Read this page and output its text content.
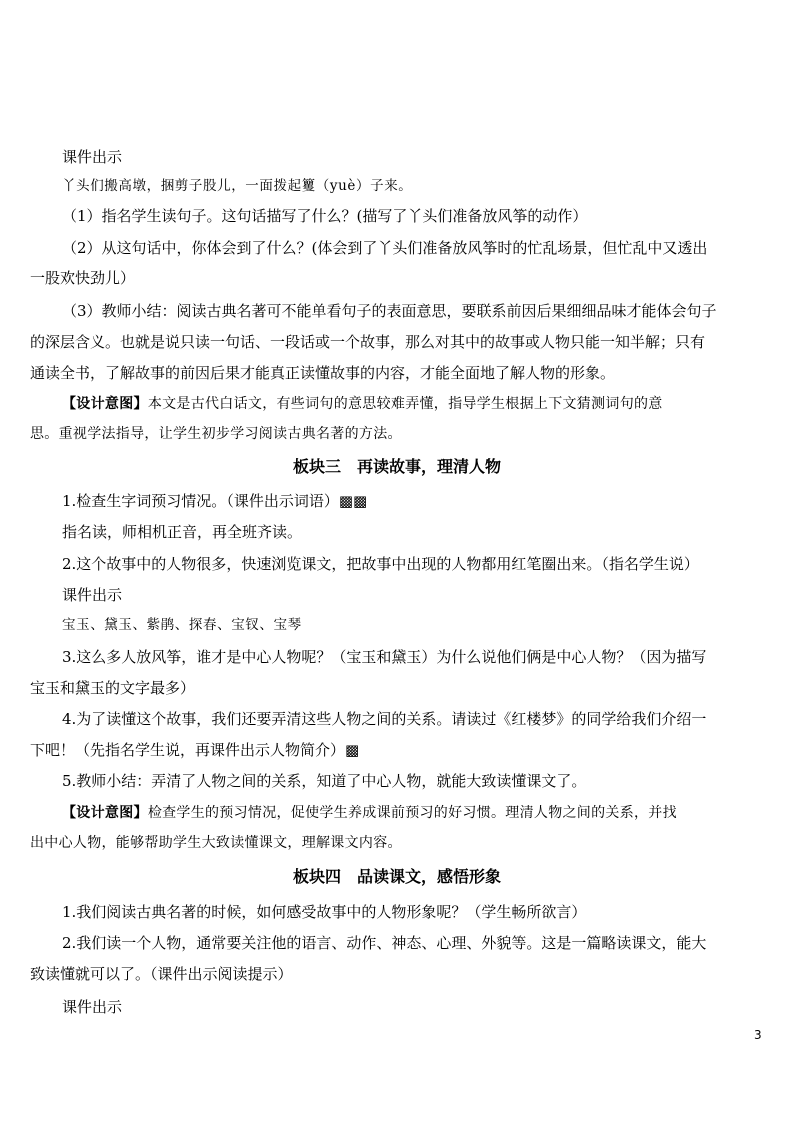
课件出示
丫头们搬高墩，捆剪子股儿，一面拨起籰（yuè）子来。
（1）指名学生读句子。这句话描写了什么？(描写了丫头们准备放风筝的动作）
（2）从这句话中，你体会到了什么？(体会到了丫头们准备放风筝时的忙乱场景，但忙乱中又透出
一股欢快劲儿）
（3）教师小结：阅读古典名著可不能单看句子的表面意思，要联系前因后果细细品味才能体会句子
的深层含义。也就是说只读一句话、一段话或一个故事，那么对其中的故事或人物只能一知半解；只有
通读全书，了解故事的前因后果才能真正读懂故事的内容，才能全面地了解人物的形象。
【设计意图】本文是古代白话文，有些词句的意思较难弄懂，指导学生根据上下文猜测词句的意
思。重视学法指导，让学生初步学习阅读古典名著的方法。
板块三　再读故事，理清人物
1.检查生字词预习情况。（课件出示词语）▩▩
指名读，师相机正音，再全班齐读。
2.这个故事中的人物很多，快速浏览课文，把故事中出现的人物都用红笔圈出来。（指名学生说）
课件出示
宝玉、黛玉、紫鹃、探春、宝钗、宝琴
3.这么多人放风筝，谁才是中心人物呢？（宝玉和黛玉）为什么说他们俩是中心人物？（因为描写
宝玉和黛玉的文字最多）
4.为了读懂这个故事，我们还要弄清这些人物之间的关系。请读过《红楼梦》的同学给我们介绍一
下吧！（先指名学生说，再课件出示人物简介）▩
5.教师小结：弄清了人物之间的关系，知道了中心人物，就能大致读懂课文了。
【设计意图】检查学生的预习情况，促使学生养成课前预习的好习惯。理清人物之间的关系，并找
出中心人物，能够帮助学生大致读懂课文，理解课文内容。
板块四　品读课文，感悟形象
1.我们阅读古典名著的时候，如何感受故事中的人物形象呢？（学生畅所欲言）
2.我们读一个人物，通常要关注他的语言、动作、神态、心理、外貌等。这是一篇略读课文，能大
致读懂就可以了。（课件出示阅读提示）
课件出示
3
